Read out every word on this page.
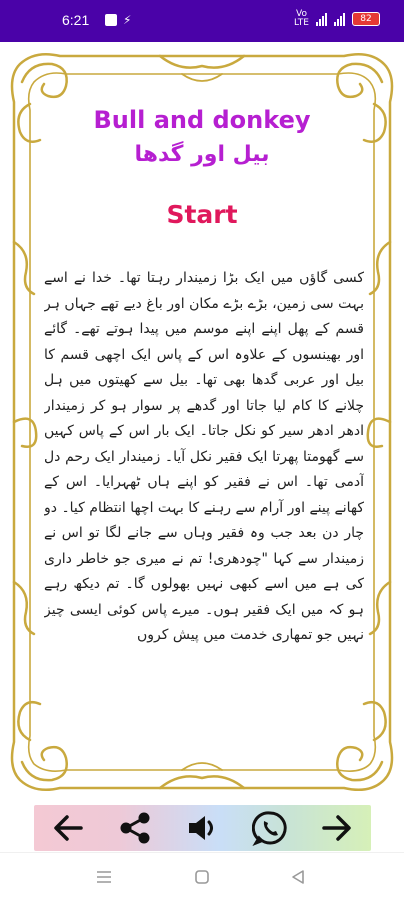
6:21	⚡	Vo
LTE	82
Bull and donkey
بیل اور گدھا
Start
کسی گاؤں میں ایک بڑا زمیندار رہتا تھا۔ خدا نے اسے بہت سی زمین، بڑے بڑے مکان اور باغ دیے تھے جہاں ہر قسم کے پھل اپنے اپنے موسم میں پیدا ہوتے تھے۔ گائے اور بھینسوں کے علاوہ اس کے پاس ایک اچھی قسم کا بیل اور عربی گدھا بھی تھا۔ بیل سے کھیتوں میں ہل چلانے کا کام لیا جاتا اور گدھے پر سوار ہو کر زمیندار ادھر ادھر سیر کو نکل جاتا۔ ایک بار اس کے پاس کہیں سے گھومتا پھرتا ایک فقیر نکل آیا۔ زمیندار ایک رحم دل آدمی تھا۔ اس نے فقیر کو اپنے ہاں ٹھہرایا۔ اس کے کھانے پینے اور آرام سے رہنے کا بہت اچھا انتظام کیا۔ دو چار دن بعد جب وہ فقیر وہاں سے جانے لگا تو اس نے زمیندار سے کہا "چودھری! تم نے میری جو خاطر داری کی ہے میں اسے کبھی نہیں بھولوں گا۔ تم دیکھ رہے ہو کہ میں ایک فقیر ہوں۔ میرے پاس کوئی ایسی چیز نہیں جو تمھاری خدمت میں پیش کروں
